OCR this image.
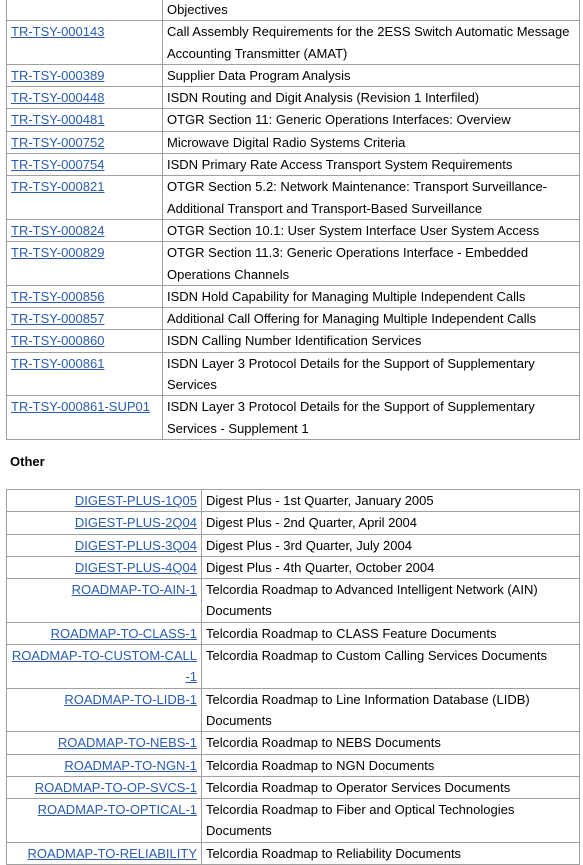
	Objectives
TR-TSY-000143	Call Assembly Requirements for the 2ESS Switch Automatic Message Accounting Transmitter (AMAT)
TR-TSY-000389	Supplier Data Program Analysis
TR-TSY-000448	ISDN Routing and Digit Analysis (Revision 1 Interfiled)
TR-TSY-000481	OTGR Section 11: Generic Operations Interfaces: Overview
TR-TSY-000752	Microwave Digital Radio Systems Criteria
TR-TSY-000754	ISDN Primary Rate Access Transport System Requirements
TR-TSY-000821	OTGR Section 5.2: Network Maintenance: Transport Surveillance-Additional Transport and Transport-Based Surveillance
TR-TSY-000824	OTGR Section 10.1: User System Interface User System Access
TR-TSY-000829	OTGR Section 11.3: Generic Operations Interface - Embedded Operations Channels
TR-TSY-000856	ISDN Hold Capability for Managing Multiple Independent Calls
TR-TSY-000857	Additional Call Offering for Managing Multiple Independent Calls
TR-TSY-000860	ISDN Calling Number Identification Services
TR-TSY-000861	ISDN Layer 3 Protocol Details for the Support of Supplementary Services
TR-TSY-000861-SUP01	ISDN Layer 3 Protocol Details for the Support of Supplementary Services - Supplement 1
Other
DIGEST-PLUS-1Q05	Digest Plus - 1st Quarter, January 2005
DIGEST-PLUS-2Q04	Digest Plus - 2nd Quarter, April 2004
DIGEST-PLUS-3Q04	Digest Plus - 3rd Quarter, July 2004
DIGEST-PLUS-4Q04	Digest Plus - 4th Quarter, October 2004
ROADMAP-TO-AIN-1	Telcordia Roadmap to Advanced Intelligent Network (AIN) Documents
ROADMAP-TO-CLASS-1	Telcordia Roadmap to CLASS Feature Documents
ROADMAP-TO-CUSTOM-CALL-1	Telcordia Roadmap to Custom Calling Services Documents
ROADMAP-TO-LIDB-1	Telcordia Roadmap to Line Information Database (LIDB) Documents
ROADMAP-TO-NEBS-1	Telcordia Roadmap to NEBS Documents
ROADMAP-TO-NGN-1	Telcordia Roadmap to NGN Documents
ROADMAP-TO-OP-SVCS-1	Telcordia Roadmap to Operator Services Documents
ROADMAP-TO-OPTICAL-1	Telcordia Roadmap to Fiber and Optical Technologies Documents
ROADMAP-TO-RELIABILITY	Telcordia Roadmap to Reliability Documents
